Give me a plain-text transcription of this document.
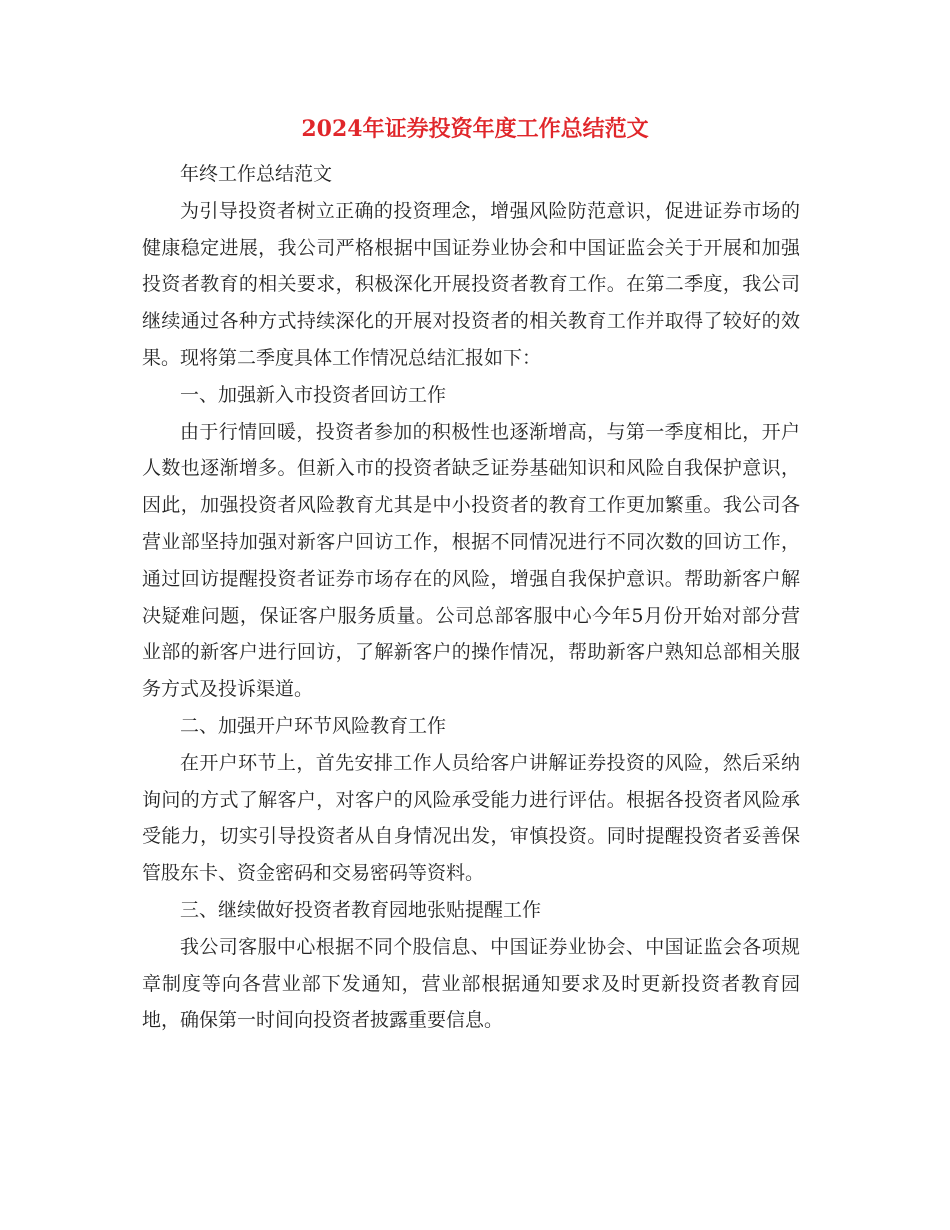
2024年证券投资年度工作总结范文

年终工作总结范文

为引导投资者树立正确的投资理念，增强风险防范意识，促进证券市场的健康稳定进展，我公司严格根据中国证券业协会和中国证监会关于开展和加强投资者教育的相关要求，积极深化开展投资者教育工作。在第二季度，我公司继续通过各种方式持续深化的开展对投资者的相关教育工作并取得了较好的效果。现将第二季度具体工作情况总结汇报如下：

一、加强新入市投资者回访工作

由于行情回暖，投资者参加的积极性也逐渐增高，与第一季度相比，开户人数也逐渐增多。但新入市的投资者缺乏证券基础知识和风险自我保护意识，因此，加强投资者风险教育尤其是中小投资者的教育工作更加繁重。我公司各营业部坚持加强对新客户回访工作，根据不同情况进行不同次数的回访工作，通过回访提醒投资者证券市场存在的风险，增强自我保护意识。帮助新客户解决疑难问题，保证客户服务质量。公司总部客服中心今年5月份开始对部分营业部的新客户进行回访，了解新客户的操作情况，帮助新客户熟知总部相关服务方式及投诉渠道。

二、加强开户环节风险教育工作

在开户环节上，首先安排工作人员给客户讲解证券投资的风险，然后采纳询问的方式了解客户，对客户的风险承受能力进行评估。根据各投资者风险承受能力，切实引导投资者从自身情况出发，审慎投资。同时提醒投资者妥善保管股东卡、资金密码和交易密码等资料。

三、继续做好投资者教育园地张贴提醒工作

我公司客服中心根据不同个股信息、中国证券业协会、中国证监会各项规章制度等向各营业部下发通知，营业部根据通知要求及时更新投资者教育园地，确保第一时间向投资者披露重要信息。
